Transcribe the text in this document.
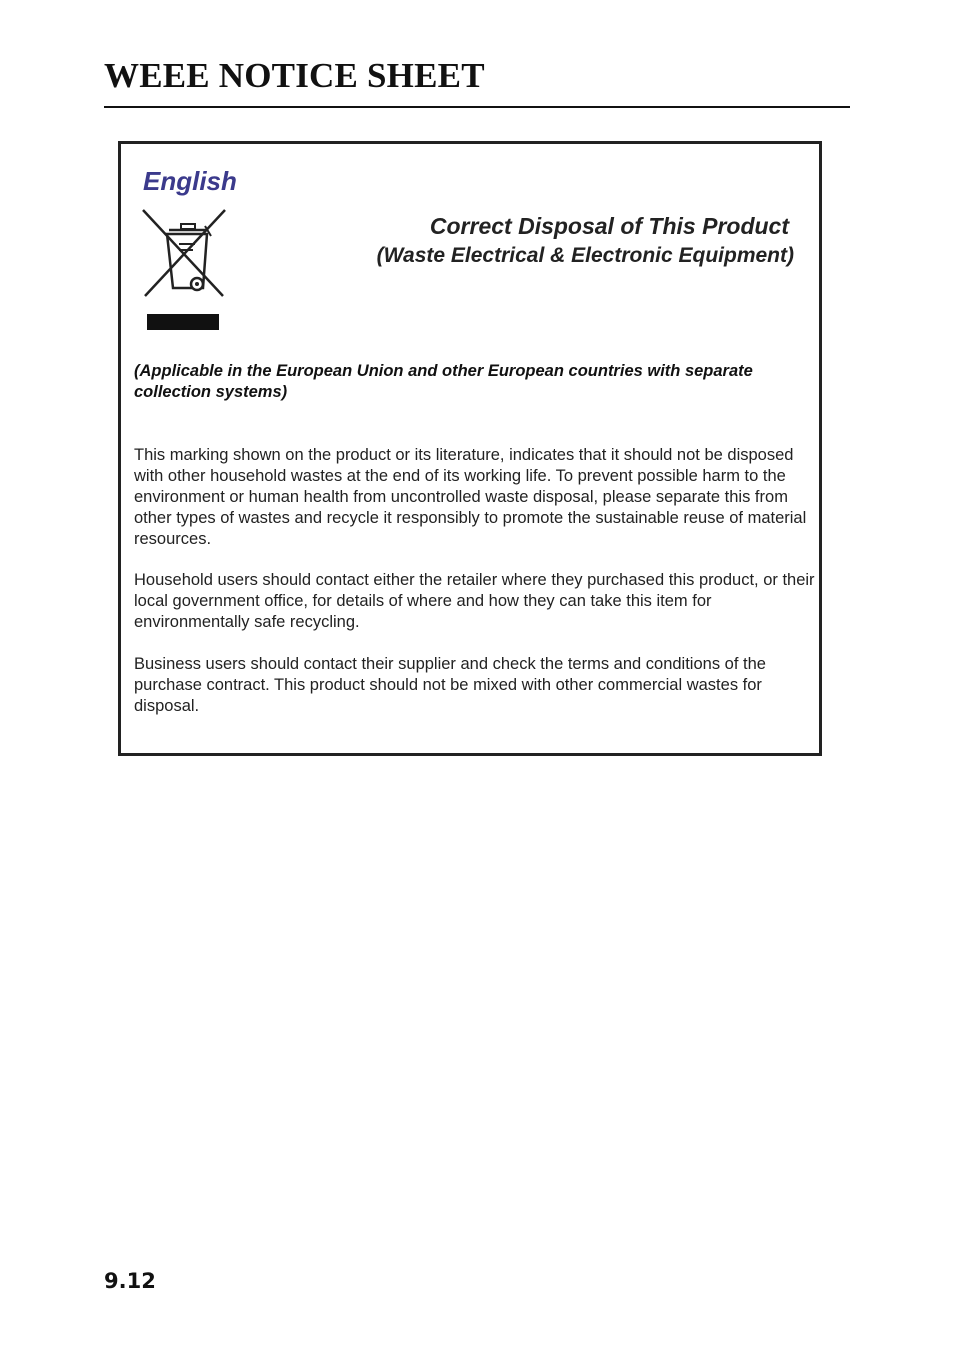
WEEE NOTICE SHEET
English
Correct Disposal of This Product
(Waste Electrical & Electronic Equipment)
(Applicable in the European Union and other European countries with separate
collection systems)

This marking shown on the product or its literature, indicates that it should not be disposed with other household wastes at the end of its working life. To prevent possible harm to the environment or human health from uncontrolled waste disposal, please separate this from other types of wastes and recycle it responsibly to promote the sustainable reuse of material resources.

Household users should contact either the retailer where they purchased this product, or their local government office, for details of where and how they can take this item for environmentally safe recycling.

Business users should contact their supplier and check the terms and conditions of the purchase contract. This product should not be mixed with other commercial wastes for disposal.

9.12
